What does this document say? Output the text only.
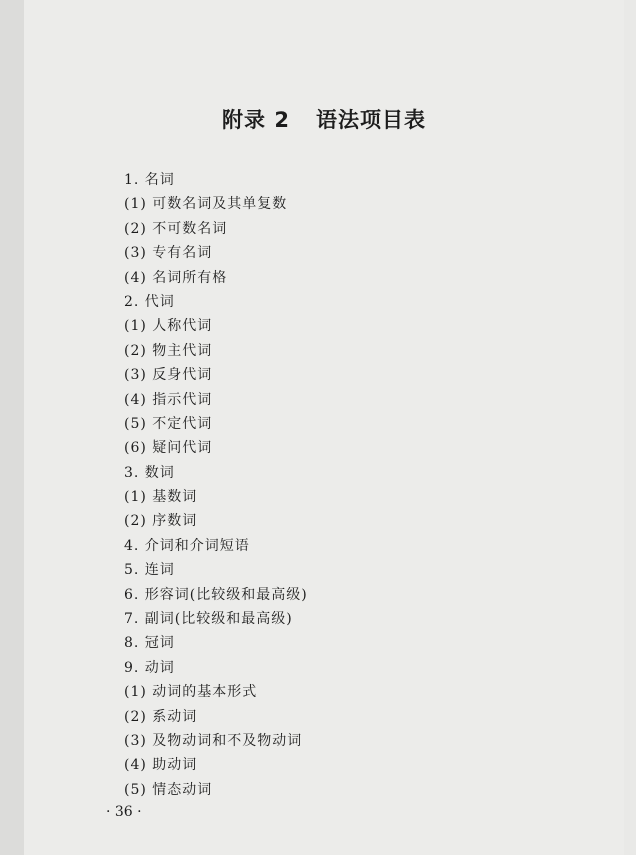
附录 2 语法项目表
1. 名词
(1) 可数名词及其单复数
(2) 不可数名词
(3) 专有名词
(4) 名词所有格
2. 代词
(1) 人称代词
(2) 物主代词
(3) 反身代词
(4) 指示代词
(5) 不定代词
(6) 疑问代词
3. 数词
(1) 基数词
(2) 序数词
4. 介词和介词短语
5. 连词
6. 形容词(比较级和最高级)
7. 副词(比较级和最高级)
8. 冠词
9. 动词
(1) 动词的基本形式
(2) 系动词
(3) 及物动词和不及物动词
(4) 助动词
(5) 情态动词
· 36 ·
